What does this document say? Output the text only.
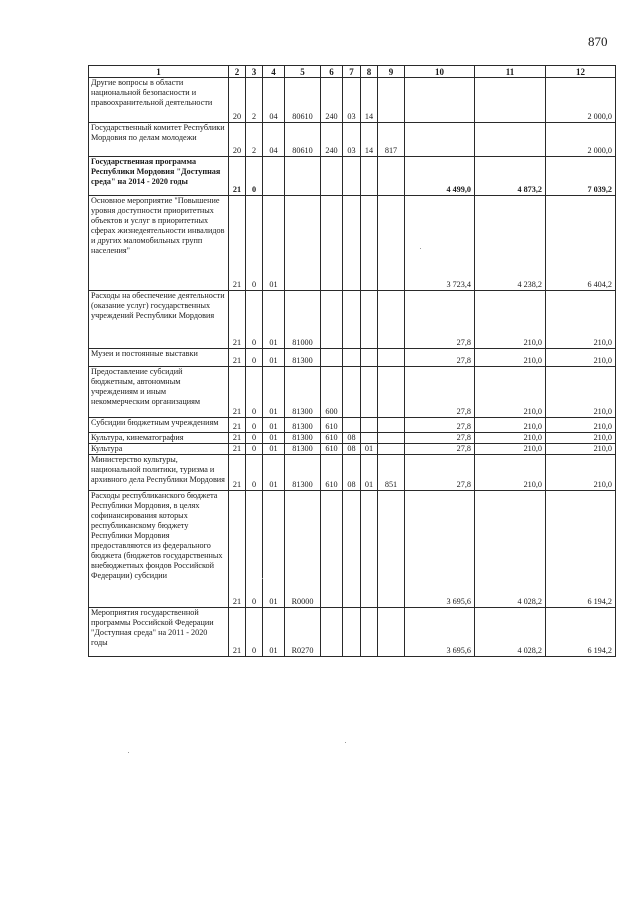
870
1	2	3	4	5	6	7	8	9	10	11	12
Другие вопросы в области национальной безопасности и правоохранительной деятельности	20	2	04	80610	240	03	14				2 000,0
Государственный комитет Республики Мордовия по делам молодежи	20	2	04	80610	240	03	14	817			2 000,0
Государственная программа Республики Мордовия "Доступная среда" на 2014 - 2020 годы	21	0							4 499,0	4 873,2	7 039,2
Основное мероприятие "Повышение уровня доступности приоритетных объектов и услуг в приоритетных сферах жизнедеятельности инвалидов и других маломобильных групп населения"	21	0	01						3 723,4	4 238,2	6 404,2
Расходы на обеспечение деятельности (оказание услуг) государственных учреждений Республики Мордовия	21	0	01	81000					27,8	210,0	210,0
Музеи и постоянные выставки	21	0	01	81300					27,8	210,0	210,0
Предоставление субсидий бюджетным, автономным учреждениям и иным некоммерческим организациям	21	0	01	81300	600				27,8	210,0	210,0
Субсидии бюджетным учреждениям	21	0	01	81300	610				27,8	210,0	210,0
Культура, кинематография	21	0	01	81300	610	08			27,8	210,0	210,0
Культура	21	0	01	81300	610	08	01		27,8	210,0	210,0
Министерство культуры, национальной политики, туризма и архивного дела Республики Мордовия	21	0	01	81300	610	08	01	851	27,8	210,0	210,0
Расходы республиканского бюджета Республики Мордовия, в целях софинансирования которых республиканскому бюджету Республики Мордовия предоставляются из федерального бюджета (бюджетов государственных внебюджетных фондов Российской Федерации) субсидии	21	0	01	R0000					3 695,6	4 028,2	6 194,2
Мероприятия государственной программы Российской Федерации "Доступная среда" на 2011 - 2020 годы	21	0	01	R0270					3 695,6	4 028,2	6 194,2
